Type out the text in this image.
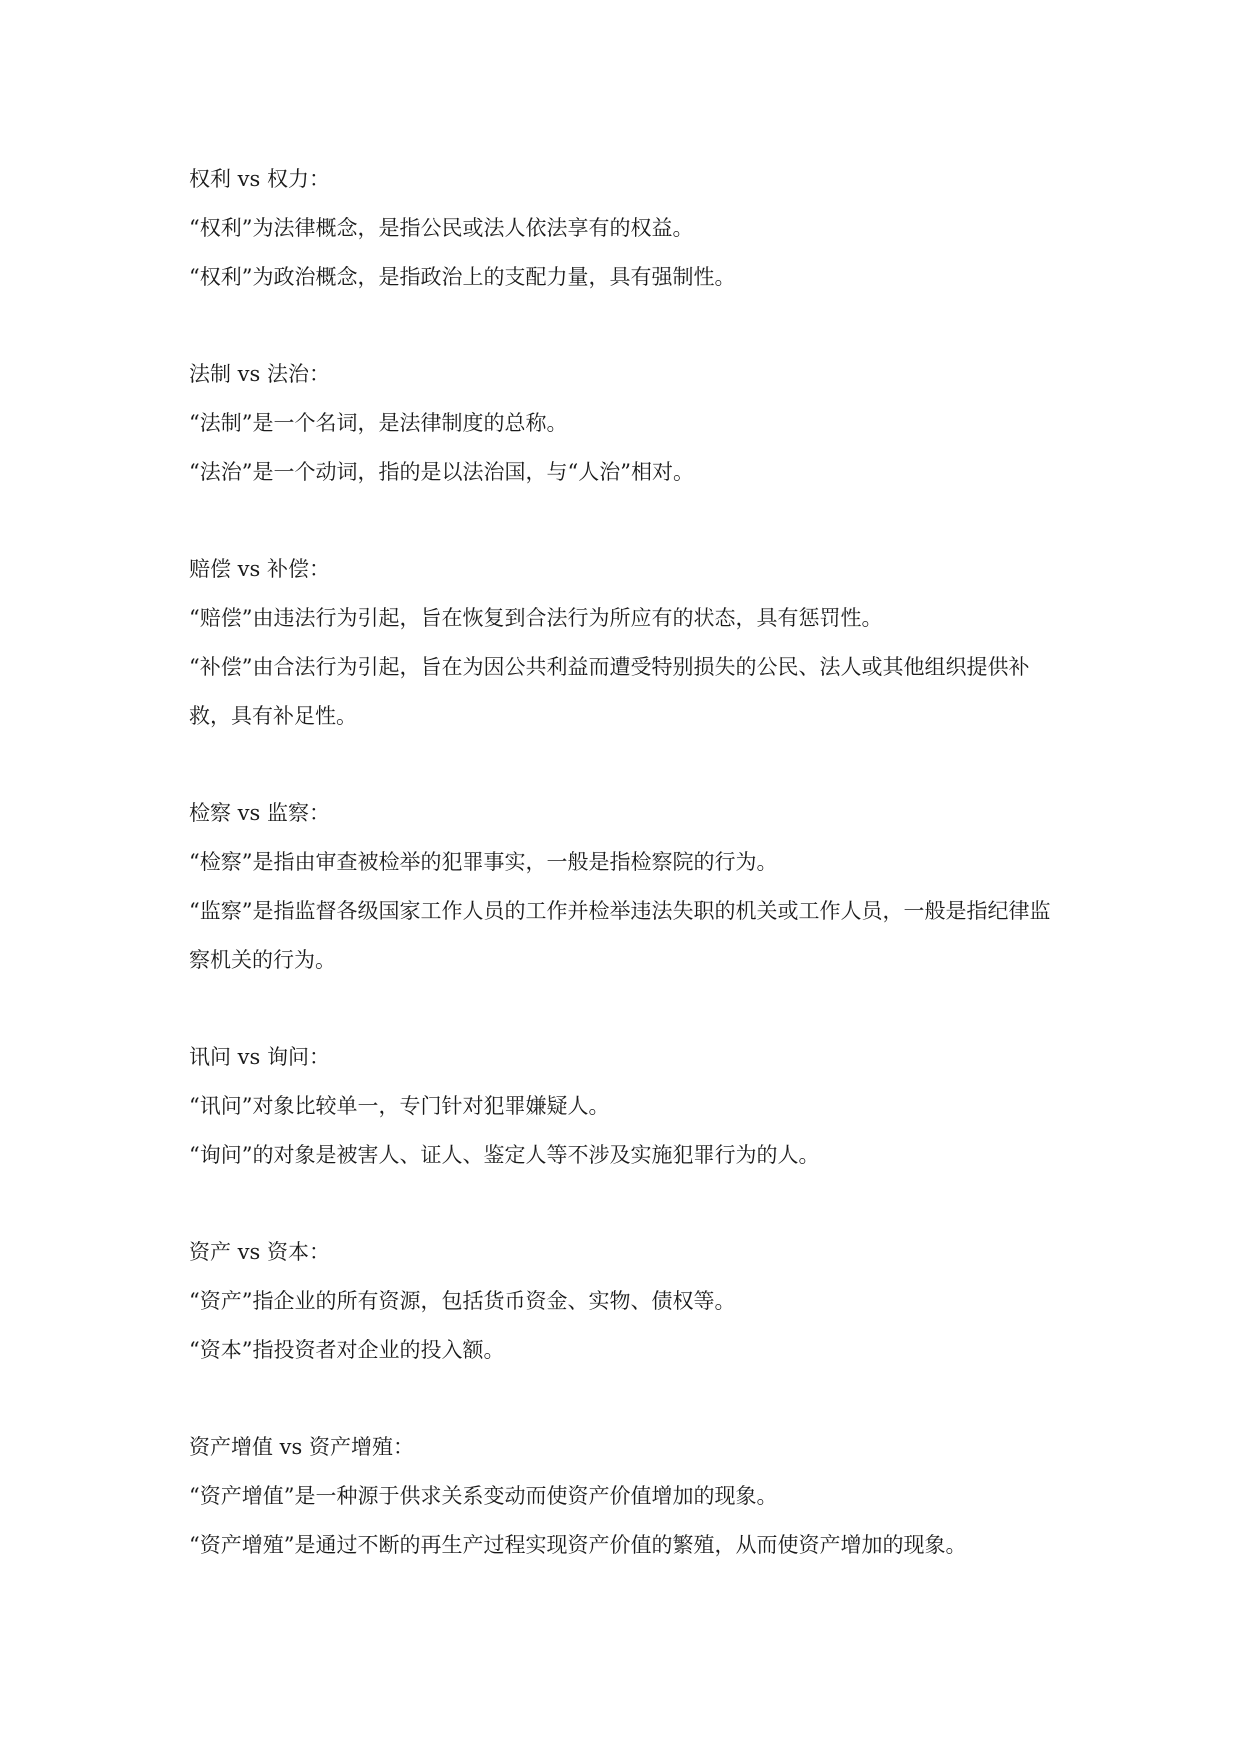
权利 vs 权力：
“权利”为法律概念，是指公民或法人依法享有的权益。
“权利”为政治概念，是指政治上的支配力量，具有强制性。
法制 vs 法治：
“法制”是一个名词，是法律制度的总称。
“法治”是一个动词，指的是以法治国，与“人治”相对。
赔偿 vs 补偿：
“赔偿”由违法行为引起，旨在恢复到合法行为所应有的状态，具有惩罚性。
“补偿”由合法行为引起，旨在为因公共利益而遭受特别损失的公民、法人或其他组织提供补救，具有补足性。
检察 vs 监察：
“检察”是指由审查被检举的犯罪事实，一般是指检察院的行为。
“监察”是指监督各级国家工作人员的工作并检举违法失职的机关或工作人员，一般是指纪律监察机关的行为。
讯问 vs 询问：
“讯问”对象比较单一，专门针对犯罪嫌疑人。
“询问”的对象是被害人、证人、鉴定人等不涉及实施犯罪行为的人。
资产 vs 资本：
“资产”指企业的所有资源，包括货币资金、实物、债权等。
“资本”指投资者对企业的投入额。
资产增值 vs 资产增殖：
“资产增值”是一种源于供求关系变动而使资产价值增加的现象。
“资产增殖”是通过不断的再生产过程实现资产价值的繁殖，从而使资产增加的现象。
